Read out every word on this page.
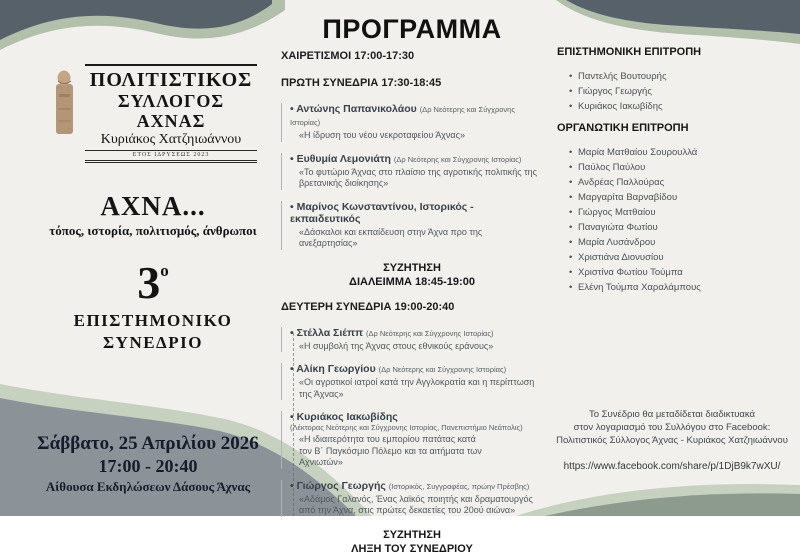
ΠΟΛΙΤΙΣΤΙΚΟΣ
ΣΥΛΛΟΓΟΣ ΑΧΝΑΣ
Κυριάκος Χατζηιωάννου
ΕΤΟΣ ΙΔΡΥΣΕΩΣ 2023
ΑΧΝΑ...
τόπος, ιστορία, πολιτισμός, άνθρωποι
$3^o$
ΕΠΙΣΤΗΜΟΝΙΚΟ
ΣΥΝΕΔΡΙΟ
Σάββατο, 25 Απριλίου 2026
17:00 - 20:40
Αίθουσα Εκδηλώσεων Δάσους Άχνας
ΠΡΟΓΡΑΜΜΑ
ΧΑΙΡΕΤΙΣΜΟΙ 17:00-17:30
ΠΡΩΤΗ ΣΥΝΕΔΡΙΑ 17:30-18:45
• Αντώνης Παπανικολάου (Δρ Νεότερης και Σύγχρονης Ιστορίας)
«Η ίδρυση του νέου νεκροταφείου Άχνας»
• Ευθυμία Λεμονιάτη (Δρ Νεότερης και Σύγχρονης Ιστορίας)
«Το φυτώριο Άχνας στο πλαίσιο της αγροτικής πολιτικής της βρετανικής διοίκησης»
• Μαρίνος Κωνσταντίνου, Ιστορικός - εκπαιδευτικός
«Δάσκαλοι και εκπαίδευση στην Άχνα προ της ανεξαρτησίας»
ΣΥΖΗΤΗΣΗ
ΔΙΑΛΕΙΜΜΑ 18:45-19:00
ΔΕΥΤΕΡΗ ΣΥΝΕΔΡΙΑ 19:00-20:40
• Στέλλα Σιέππ (Δρ Νεότερης και Σύγχρονης Ιστορίας)
«Η συμβολή της Άχνας στους εθνικούς εράνους»
• Αλίκη Γεωργίου (Δρ Νεότερης και Σύγχρονης Ιστορίας)
«Οι αγροτικοί ιατροί κατά την Αγγλοκρατία και η περίπτωση της Άχνας»
• Κυριάκος Ιακωβίδης
(Λέκτορας Νεότερης και Σύγχρονης Ιστορίας, Πανεπιστήμιο Νεάπολις)
«Η ιδιαιτερότητα του εμπορίου πατάτας κατά τον Β΄ Παγκόσμιο Πόλεμο και τα αιτήματα των Αχνιωτών»
• Γιώργος Γεωργής (Ιστορικός, Συγγραφέας, πρώην Πρέσβης)
«Αδάμος Γαλανός, Ένας λαϊκός ποιητής και δραματουργός από την Άχνα, στις πρώτες δεκαετίες του 20ού αιώνα»
ΣΥΖΗΤΗΣΗ
ΛΗΞΗ ΤΟΥ ΣΥΝΕΔΡΙΟΥ
ΕΠΙΣΤΗΜΟΝΙΚΗ ΕΠΙΤΡΟΠΗ
• Παντελής Βουτουρής
• Γιώργος Γεωργής
• Κυριάκος Ιακωβίδης
ΟΡΓΑΝΩΤΙΚΗ ΕΠΙΤΡΟΠΗ
• Μαρία Ματθαίου Σουρουλλά
• Παύλος Παύλου
• Ανδρέας Παλλούρας
• Μαργαρίτα Βαρναβίδου
• Γιώργος Ματθαίου
• Παναγιώτα Φωτίου
• Μαρία Λυσάνδρου
• Χριστιάνα Διονυσίου
• Χριστίνα Φωτίου Τούμπα
• Ελένη Τούμπα Χαραλάμπους
Το Συνέδριο θα μεταδίδεται διαδικτυακά
στον λογαριασμό του Συλλόγου στο Facebook:
Πολιτιστικός Σύλλογος Άχνας - Κυριάκος Χατζηιωάννου
https://www.facebook.com/share/p/1DjB9k7wXU/
